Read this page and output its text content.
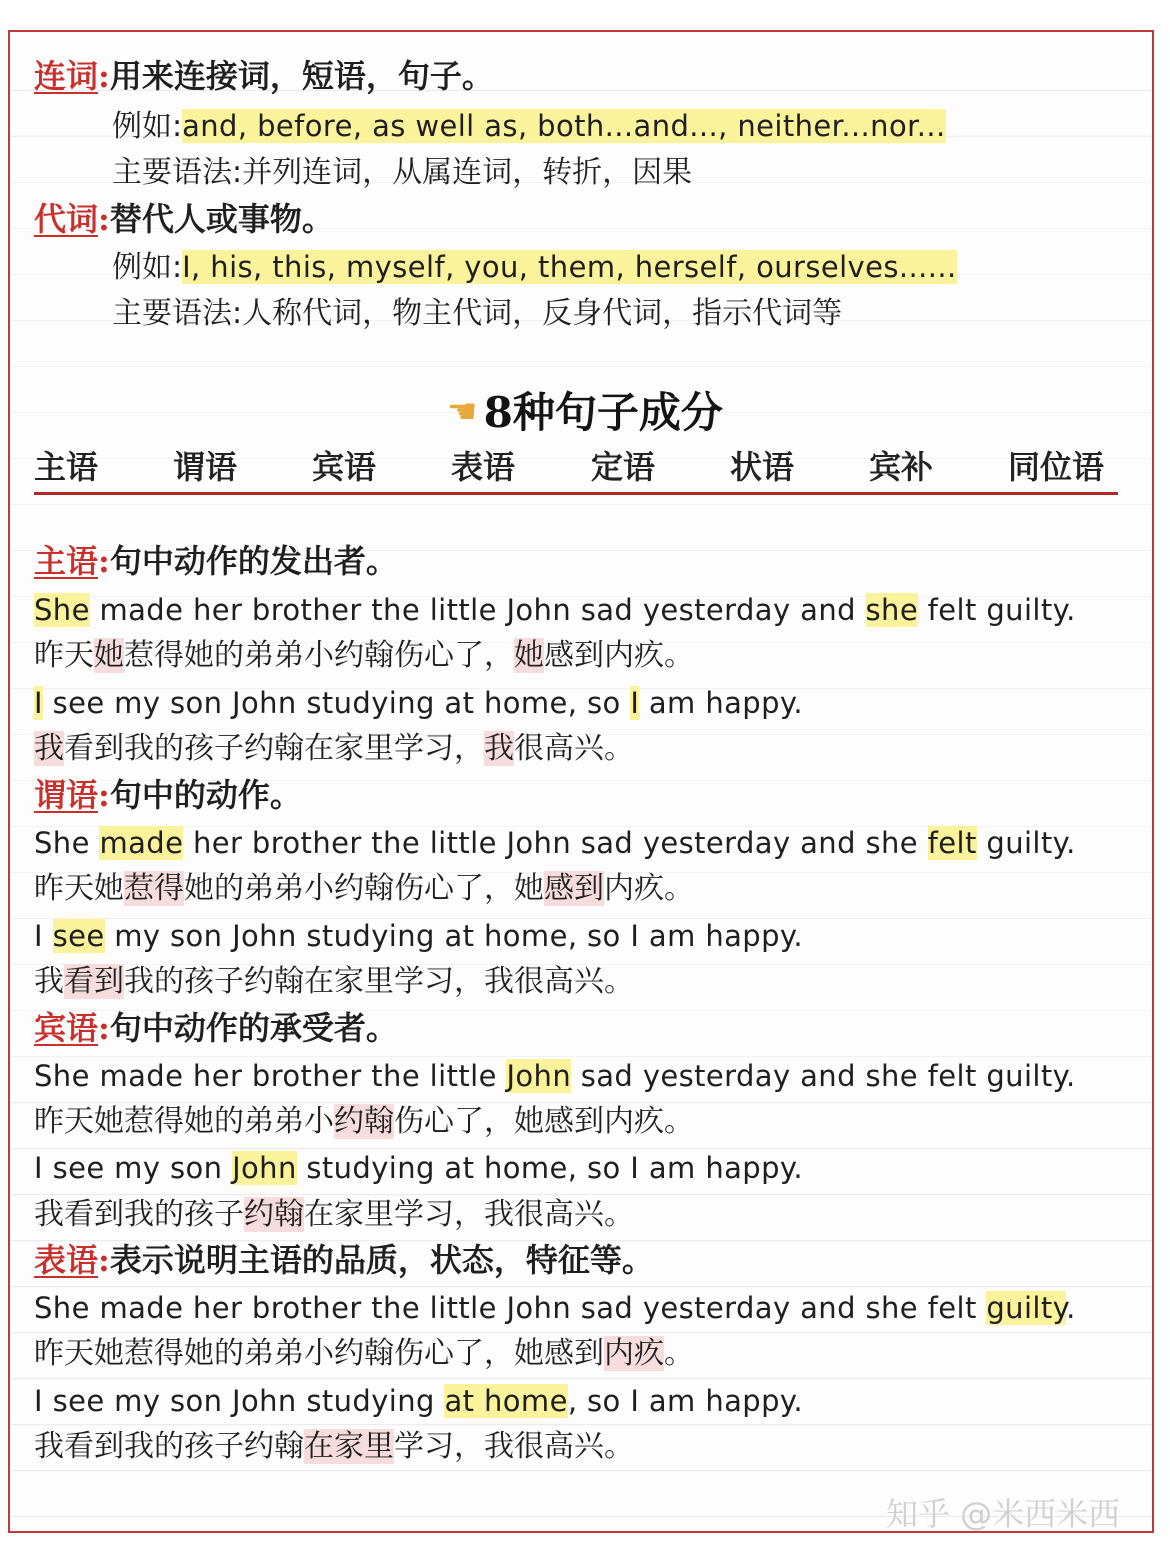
连词:用来连接词，短语，句子。
例如:and, before, as well as, both...and..., neither...nor...
主要语法:并列连词，从属连词，转折，因果
代词:替代人或事物。
例如:I, his, this, myself, you, them, herself, ourselves......
主要语法:人称代词，物主代词，反身代词，指示代词等
☛ 8种句子成分
主语 谓语 宾语 表语 定语 状语 宾补 同位语
主语:句中动作的发出者。
She made her brother the little John sad yesterday and she felt guilty.
昨天她惹得她的弟弟小约翰伤心了，她感到内疚。
I see my son John studying at home, so I am happy.
我看到我的孩子约翰在家里学习，我很高兴。
谓语:句中的动作。
She made her brother the little John sad yesterday and she felt guilty.
昨天她惹得她的弟弟小约翰伤心了，她感到内疚。
I see my son John studying at home, so I am happy.
我看到我的孩子约翰在家里学习，我很高兴。
宾语:句中动作的承受者。
She made her brother the little John sad yesterday and she felt guilty.
昨天她惹得她的弟弟小约翰伤心了，她感到内疚。
I see my son John studying at home, so I am happy.
我看到我的孩子约翰在家里学习，我很高兴。
表语:表示说明主语的品质，状态，特征等。
She made her brother the little John sad yesterday and she felt guilty.
昨天她惹得她的弟弟小约翰伤心了，她感到内疚。
I see my son John studying at home, so I am happy.
我看到我的孩子约翰在家里学习，我很高兴。
知乎 @米西米西
